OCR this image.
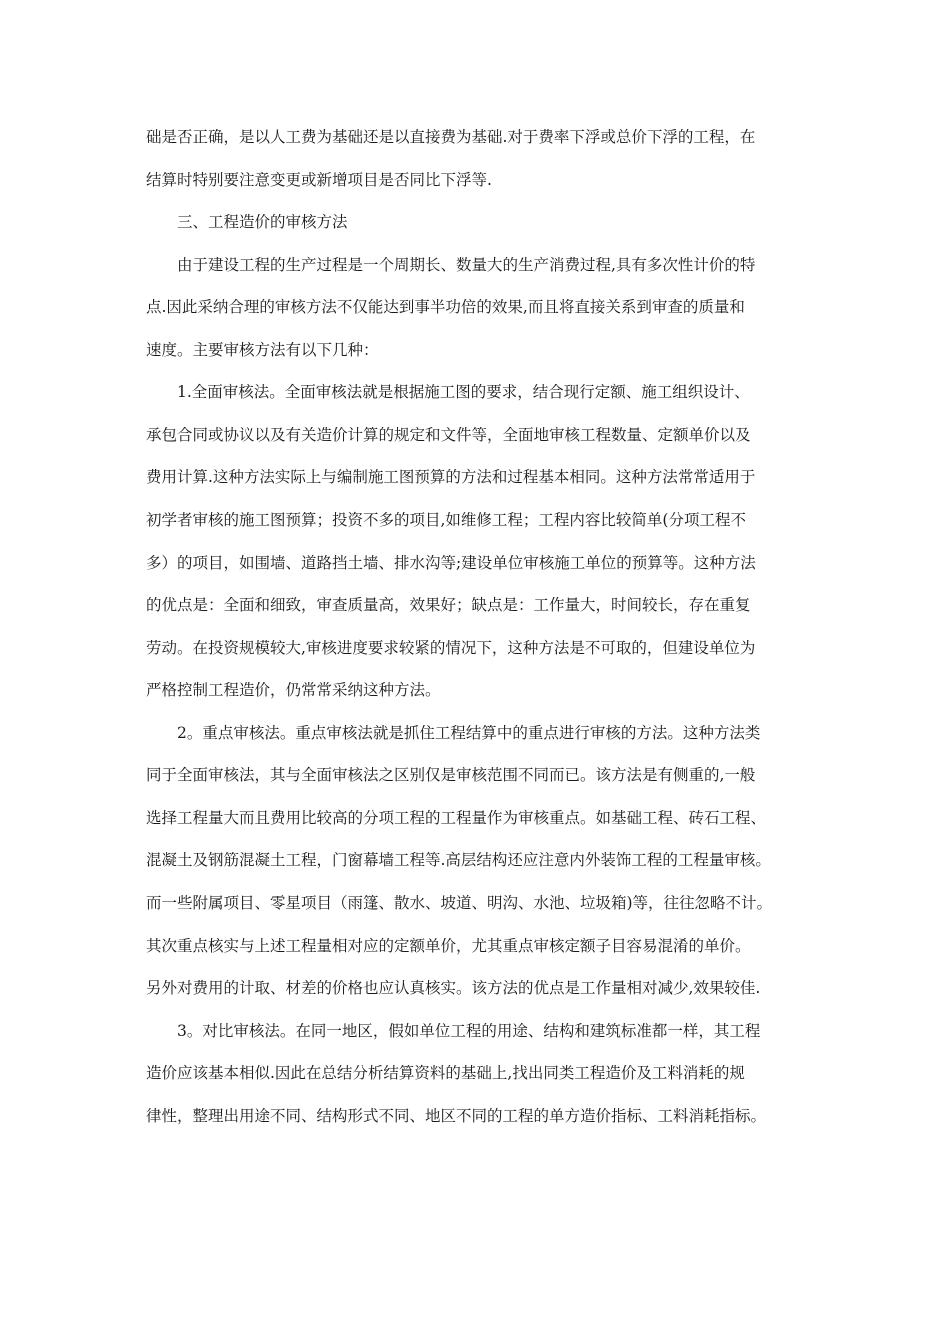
础是否正确，是以人工费为基础还是以直接费为基础.对于费率下浮或总价下浮的工程，在
结算时特别要注意变更或新增项目是否同比下浮等.
三、工程造价的审核方法
由于建设工程的生产过程是一个周期长、数量大的生产消费过程,具有多次性计价的特
点.因此采纳合理的审核方法不仅能达到事半功倍的效果,而且将直接关系到审查的质量和
速度。主要审核方法有以下几种：
1.全面审核法。全面审核法就是根据施工图的要求，结合现行定额、施工组织设计、
承包合同或协议以及有关造价计算的规定和文件等，全面地审核工程数量、定额单价以及
费用计算.这种方法实际上与编制施工图预算的方法和过程基本相同。这种方法常常适用于
初学者审核的施工图预算；投资不多的项目,如维修工程；工程内容比较简单(分项工程不
多）的项目，如围墙、道路挡土墙、排水沟等;建设单位审核施工单位的预算等。这种方法
的优点是：全面和细致，审查质量高，效果好；缺点是：工作量大，时间较长，存在重复
劳动。在投资规模较大,审核进度要求较紧的情况下，这种方法是不可取的，但建设单位为
严格控制工程造价，仍常常采纳这种方法。
2。重点审核法。重点审核法就是抓住工程结算中的重点进行审核的方法。这种方法类
同于全面审核法，其与全面审核法之区别仅是审核范围不同而已。该方法是有侧重的,一般
选择工程量大而且费用比较高的分项工程的工程量作为审核重点。如基础工程、砖石工程、
混凝土及钢筋混凝土工程，门窗幕墙工程等.高层结构还应注意内外装饰工程的工程量审核。
而一些附属项目、零星项目（雨篷、散水、坡道、明沟、水池、垃圾箱)等，往往忽略不计。
其次重点核实与上述工程量相对应的定额单价，尤其重点审核定额子目容易混淆的单价。
另外对费用的计取、材差的价格也应认真核实。该方法的优点是工作量相对减少,效果较佳.
3。对比审核法。在同一地区，假如单位工程的用途、结构和建筑标准都一样，其工程
造价应该基本相似.因此在总结分析结算资料的基础上,找出同类工程造价及工料消耗的规
律性，整理出用途不同、结构形式不同、地区不同的工程的单方造价指标、工料消耗指标。
